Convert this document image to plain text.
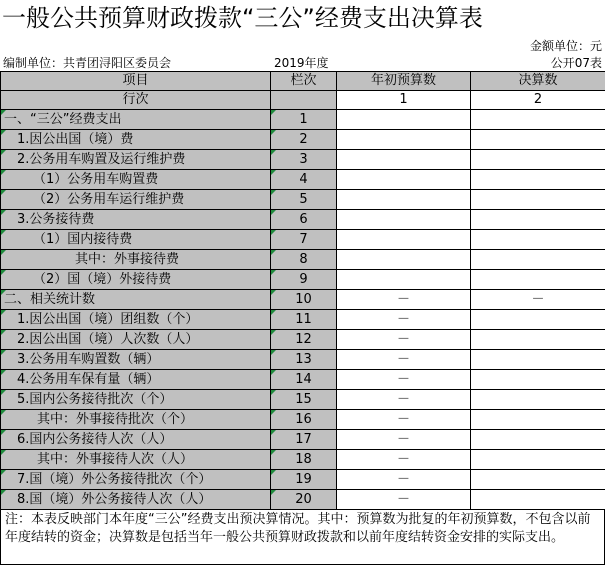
一般公共预算财政拨款“三公”经费支出决算表
金额单位：元
编制单位：共青团浔阳区委员会	2019年度	公开07表
项目	栏次	年初预算数	决算数
行次		1	2
一、“三公”经费支出	1		
1.因公出国（境）费	2		
2.公务用车购置及运行维护费	3		
（1）公务用车购置费	4		
（2）公务用车运行维护费	5		
3.公务接待费	6		
（1）国内接待费	7		
其中：外事接待费	8		
（2）国（境）外接待费	9		
二、相关统计数	10	－	－
1.因公出国（境）团组数（个）	11	－	
2.因公出国（境）人次数（人）	12	－	
3.公务用车购置数（辆）	13	－	
4.公务用车保有量（辆）	14	－	
5.国内公务接待批次（个）	15	－	
其中：外事接待批次（个）	16	－	
6.国内公务接待人次（人）	17	－	
其中：外事接待人次（人）	18	－	
7.国（境）外公务接待批次（个）	19	－	
8.国（境）外公务接待人次（人）	20	－	
注：本表反映部门本年度“三公”经费支出预决算情况。其中：预算数为批复的年初预算数，不包含以前年度结转的资金；决算数是包括当年一般公共预算财政拨款和以前年度结转资金安排的实际支出。
